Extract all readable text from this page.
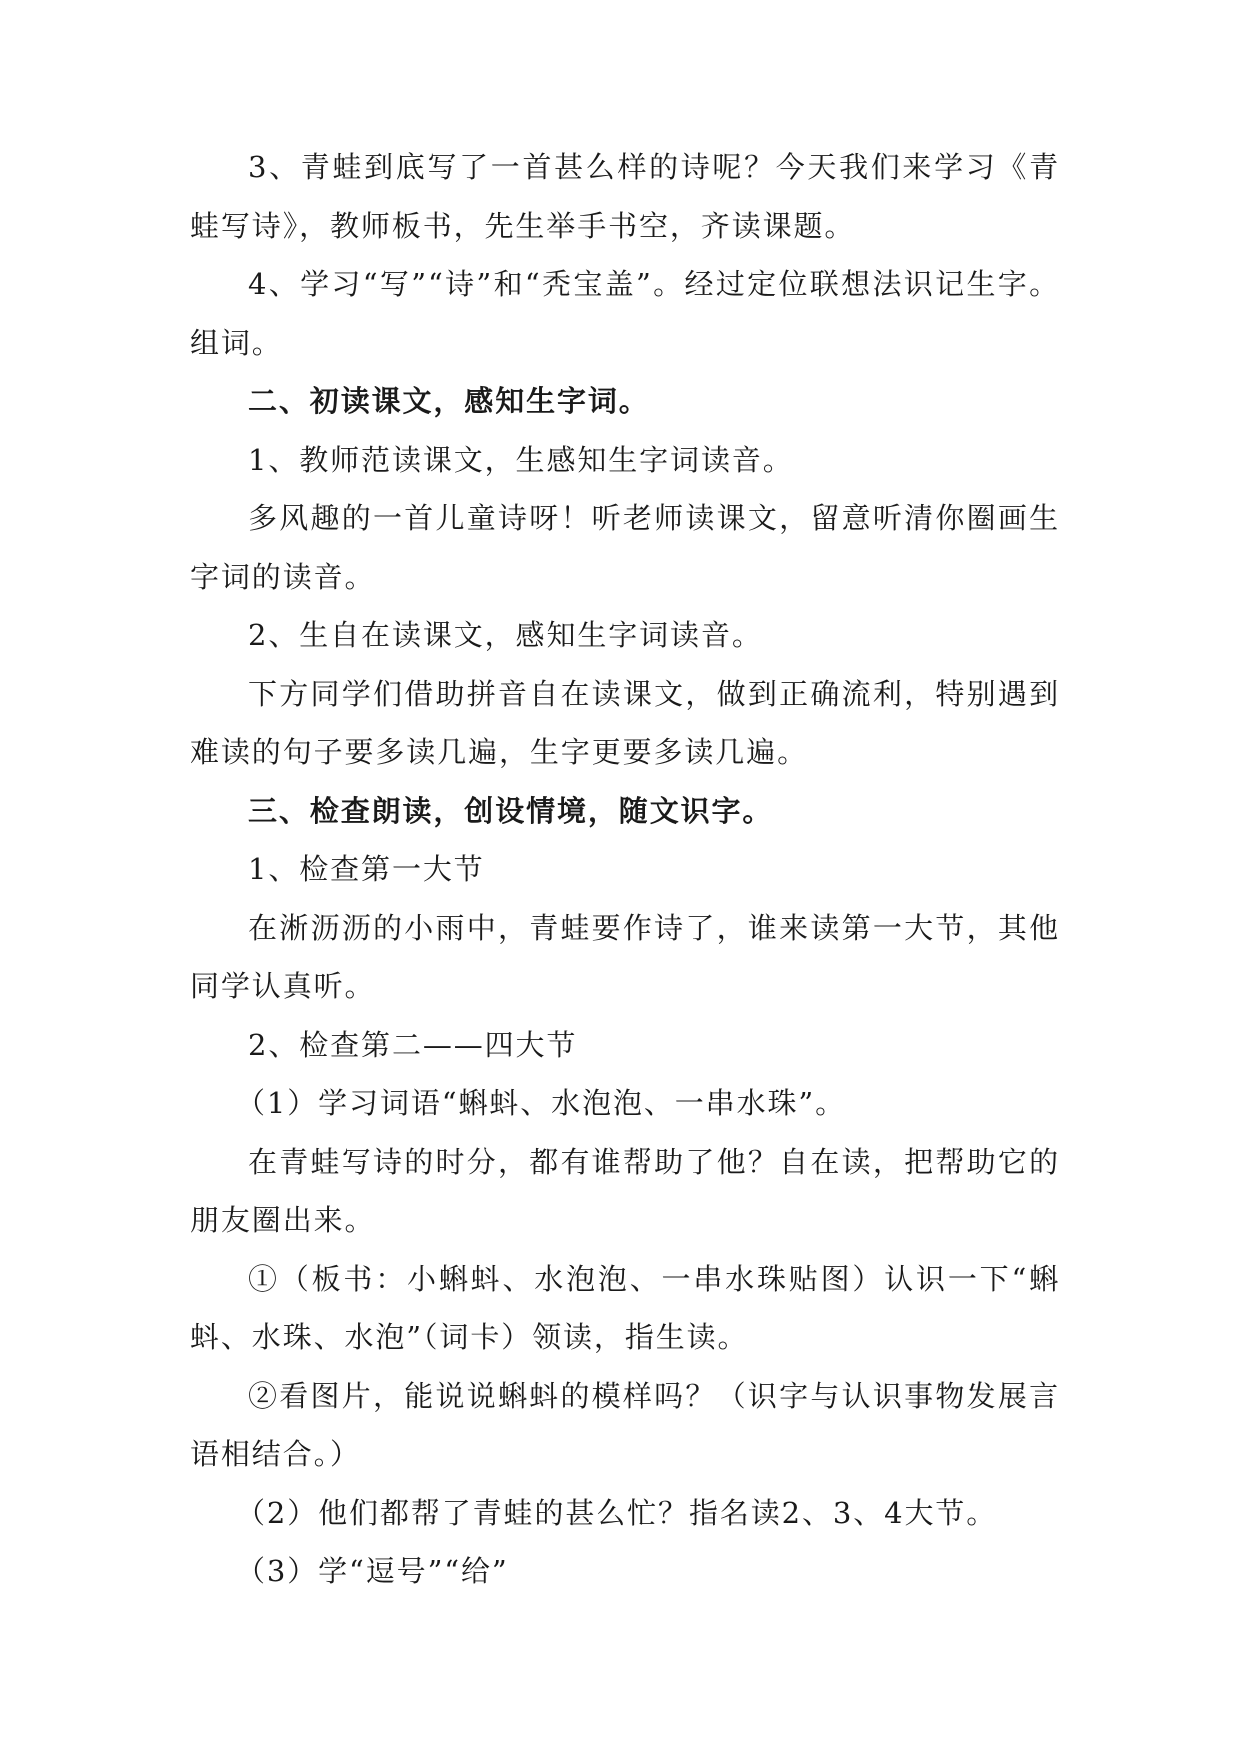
3、青蛙到底写了一首甚么样的诗呢？今天我们来学习《青蛙写诗》，教师板书，先生举手书空，齐读课题。

4、学习“写”“诗”和“秃宝盖”。经过定位联想法识记生字。组词。

二、初读课文，感知生字词。

1、教师范读课文，生感知生字词读音。

多风趣的一首儿童诗呀！听老师读课文，留意听清你圈画生字词的读音。

2、生自在读课文，感知生字词读音。

下方同学们借助拼音自在读课文，做到正确流利，特别遇到难读的句子要多读几遍，生字更要多读几遍。

三、检查朗读，创设情境，随文识字。

1、检查第一大节

在淅沥沥的小雨中，青蛙要作诗了，谁来读第一大节，其他同学认真听。

2、检查第二——四大节

（1）学习词语“蝌蚪、水泡泡、一串水珠”。

在青蛙写诗的时分，都有谁帮助了他？自在读，把帮助它的朋友圈出来。

①（板书：小蝌蚪、水泡泡、一串水珠贴图）认识一下“蝌蚪、水珠、水泡”（词卡）领读，指生读。

②看图片，能说说蝌蚪的模样吗？（识字与认识事物发展言语相结合。）

（2）他们都帮了青蛙的甚么忙？指名读2、3、4大节。

（3）学“逗号”“给”
